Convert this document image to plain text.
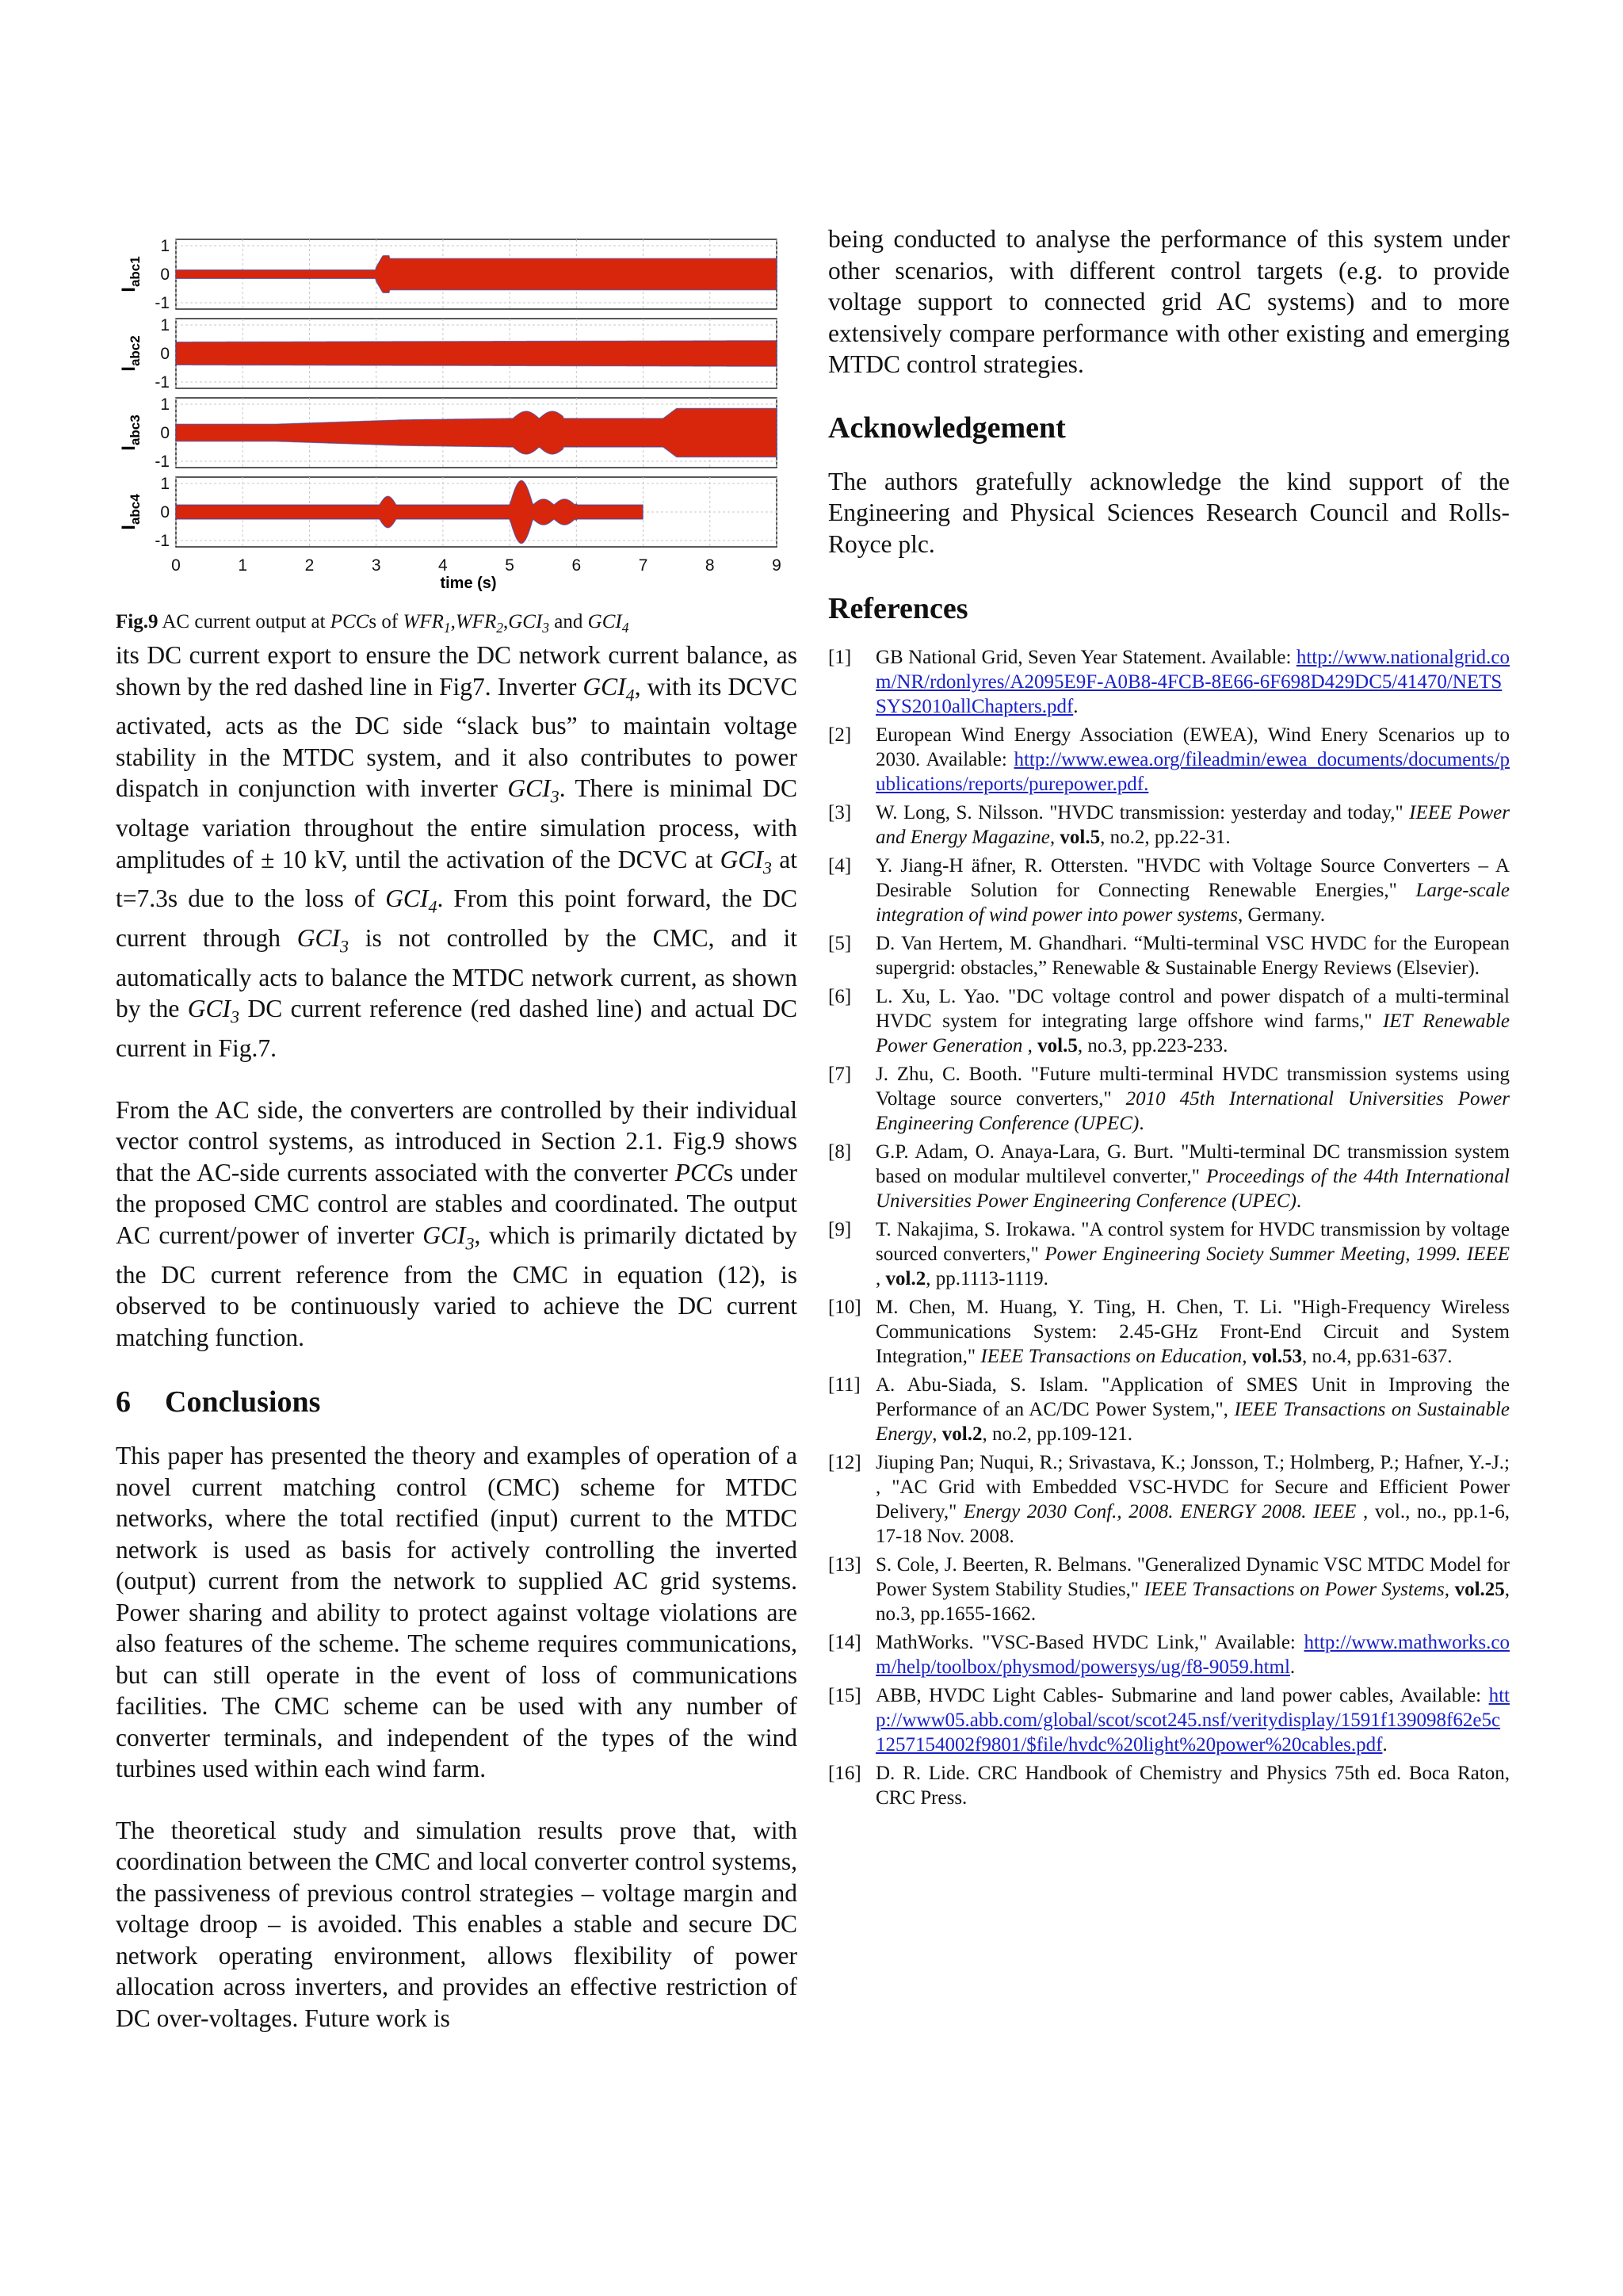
1
0
-1
$I_{abc1}$
1
0
-1
$I_{abc2}$
1
0
-1
$I_{abc3}$
1
0
-1
$I_{abc4}$
0	1	2	3	4	5	6	7	8	9
time (s)
Fig.9 AC current output at PCCs of $WFR_1,WFR_2,GCI_3$ and $GCI_4$

its DC current export to ensure the DC network current balance, as shown by the red dashed line in Fig7. Inverter $GCI_4$, with its DCVC activated, acts as the DC side “slack bus” to maintain voltage stability in the MTDC system, and it also contributes to power dispatch in conjunction with inverter $GCI_3$. There is minimal DC voltage variation throughout the entire simulation process, with amplitudes of ± 10 kV, until the activation of the DCVC at $GCI_3$ at t=7.3s due to the loss of $GCI_4$. From this point forward, the DC current through $GCI_3$ is not controlled by the CMC, and it automatically acts to balance the MTDC network current, as shown by the $GCI_3$ DC current reference (red dashed line) and actual DC current in Fig.7.

From the AC side, the converters are controlled by their individual vector control systems, as introduced in Section 2.1. Fig.9 shows that the AC-side currents associated with the converter PCCs under the proposed CMC control are stables and coordinated. The output AC current/power of inverter $GCI_3$, which is primarily dictated by the DC current reference from the CMC in equation (12), is observed to be continuously varied to achieve the DC current matching function.

6 Conclusions

This paper has presented the theory and examples of operation of a novel current matching control (CMC) scheme for MTDC networks, where the total rectified (input) current to the MTDC network is used as basis for actively controlling the inverted (output) current from the network to supplied AC grid systems. Power sharing and ability to protect against voltage violations are also features of the scheme. The scheme requires communications, but can still operate in the event of loss of communications facilities. The CMC scheme can be used with any number of converter terminals, and independent of the types of the wind turbines used within each wind farm.

The theoretical study and simulation results prove that, with coordination between the CMC and local converter control systems, the passiveness of previous control strategies – voltage margin and voltage droop – is avoided. This enables a stable and secure DC network operating environment, allows flexibility of power allocation across inverters, and provides an effective restriction of DC over-voltages. Future work is

being conducted to analyse the performance of this system under other scenarios, with different control targets (e.g. to provide voltage support to connected grid AC systems) and to more extensively compare performance with other existing and emerging MTDC control strategies.

Acknowledgement

The authors gratefully acknowledge the kind support of the Engineering and Physical Sciences Research Council and Rolls-Royce plc.

References
[1]	GB National Grid, Seven Year Statement. Available: http://www.nationalgrid.com/NR/rdonlyres/A2095E9F-A0B8-4FCB-8E66-6F698D429DC5/41470/NETSSYS2010allChapters.pdf.
[2]	European Wind Energy Association (EWEA), Wind Enery Scenarios up to 2030. Available: http://www.ewea.org/fileadmin/ewea_documents/documents/publications/reports/purepower.pdf.
[3]	W. Long, S. Nilsson. "HVDC transmission: yesterday and today," IEEE Power and Energy Magazine, vol.5, no.2, pp.22-31.
[4]	Y. Jiang-H äfner, R. Ottersten. "HVDC with Voltage Source Converters – A Desirable Solution for Connecting Renewable Energies," Large-scale integration of wind power into power systems, Germany.
[5]	D. Van Hertem, M. Ghandhari. “Multi-terminal VSC HVDC for the European supergrid: obstacles,” Renewable & Sustainable Energy Reviews (Elsevier).
[6]	L. Xu, L. Yao. "DC voltage control and power dispatch of a multi-terminal HVDC system for integrating large offshore wind farms," IET Renewable Power Generation , vol.5, no.3, pp.223-233.
[7]	J. Zhu, C. Booth. "Future multi-terminal HVDC transmission systems using Voltage source converters," 2010 45th International Universities Power Engineering Conference (UPEC).
[8]	G.P. Adam, O. Anaya-Lara, G. Burt. "Multi-terminal DC transmission system based on modular multilevel converter," Proceedings of the 44th International Universities Power Engineering Conference (UPEC).
[9]	T. Nakajima, S. Irokawa. "A control system for HVDC transmission by voltage sourced converters," Power Engineering Society Summer Meeting, 1999. IEEE , vol.2, pp.1113-1119.
[10] M. Chen, M. Huang, Y. Ting, H. Chen, T. Li. "High-Frequency Wireless Communications System: 2.45-GHz Front-End Circuit and System Integration," IEEE Transactions on Education, vol.53, no.4, pp.631-637.
[11] A. Abu-Siada, S. Islam. "Application of SMES Unit in Improving the Performance of an AC/DC Power System,", IEEE Transactions on Sustainable Energy, vol.2, no.2, pp.109-121.
[12] Jiuping Pan; Nuqui, R.; Srivastava, K.; Jonsson, T.; Holmberg, P.; Hafner, Y.-J.; , "AC Grid with Embedded VSC-HVDC for Secure and Efficient Power Delivery," Energy 2030 Conf., 2008. ENERGY 2008. IEEE , vol., no., pp.1-6, 17-18 Nov. 2008.
[13] S. Cole, J. Beerten, R. Belmans. "Generalized Dynamic VSC MTDC Model for Power System Stability Studies," IEEE Transactions on Power Systems, vol.25, no.3, pp.1655-1662.
[14] MathWorks. "VSC-Based HVDC Link," Available: http://www.mathworks.com/help/toolbox/physmod/powersys/ug/f8-9059.html.
[15] ABB, HVDC Light Cables- Submarine and land power cables, Available: http://www05.abb.com/global/scot/scot245.nsf/veritydisplay/1591f139098f62e5c1257154002f9801/$file/hvdc%20light%20power%20cables.pdf.
[16] D. R. Lide. CRC Handbook of Chemistry and Physics 75th ed. Boca Raton, CRC Press.
